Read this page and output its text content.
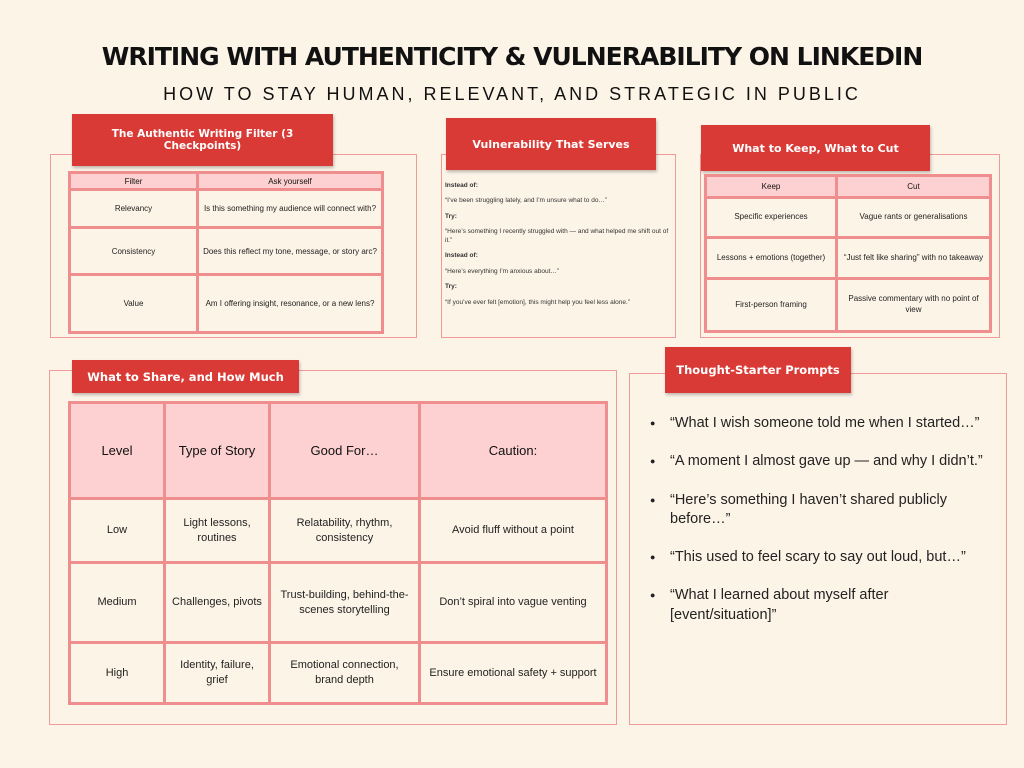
WRITING WITH AUTHENTICITY & VULNERABILITY ON LINKEDIN
HOW TO STAY HUMAN, RELEVANT, AND STRATEGIC IN PUBLIC
The Authentic Writing Filter (3 Checkpoints)
Filter	Ask yourself
Relevancy	Is this something my audience will connect with?
Consistency	Does this reflect my tone, message, or story arc?
Value	Am I offering insight, resonance, or a new lens?
Vulnerability That Serves
Instead of:
“I’ve been struggling lately, and I’m unsure what to do…”
Try:
“Here’s something I recently struggled with — and what helped me shift out of it.”
Instead of:
“Here’s everything I’m anxious about…”
Try:
“If you’ve ever felt [emotion], this might help you feel less alone.”
What to Keep, What to Cut
Keep	Cut
Specific experiences	Vague rants or generalisations
Lessons + emotions (together)	“Just felt like sharing” with no takeaway
First-person framing	Passive commentary with no point of view
What to Share, and How Much
Level	Type of Story	Good For…	Caution:
Low	Light lessons, routines	Relatability, rhythm, consistency	Avoid fluff without a point
Medium	Challenges, pivots	Trust-building, behind-the-scenes storytelling	Don’t spiral into vague venting
High	Identity, failure, grief	Emotional connection, brand depth	Ensure emotional safety + support
Thought-Starter Prompts
● “What I wish someone told me when I started…”
● “A moment I almost gave up — and why I didn’t.”
● “Here’s something I haven’t shared publicly before…”
● “This used to feel scary to say out loud, but…”
● “What I learned about myself after [event/situation]”
